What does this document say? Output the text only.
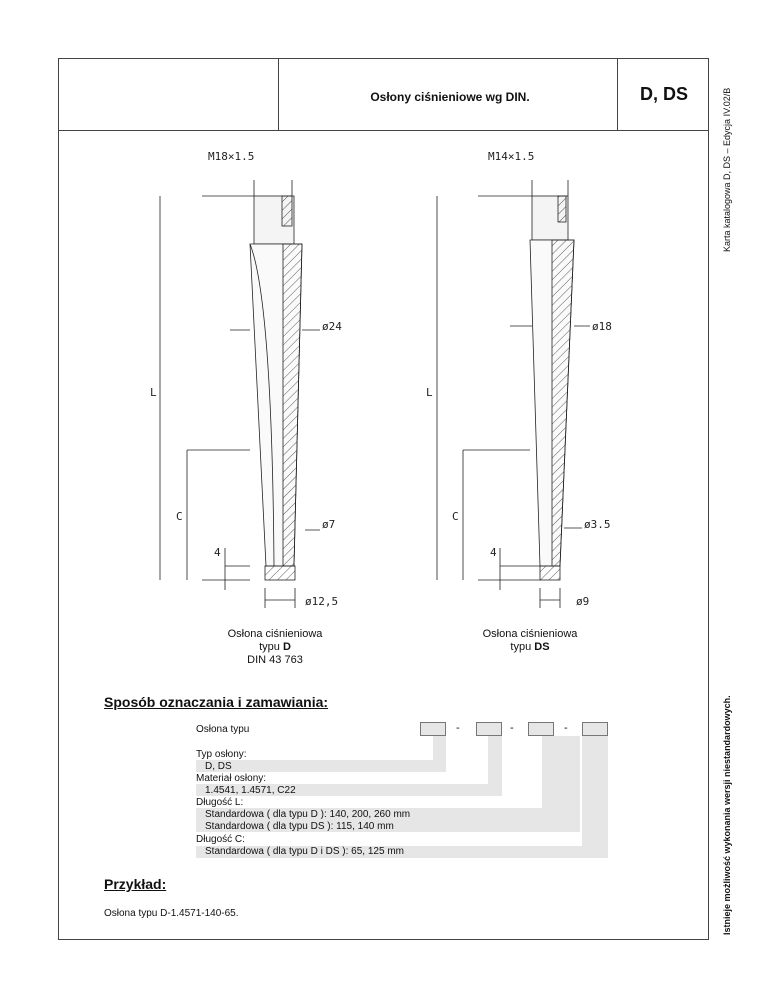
Osłony ciśnieniowe wg DIN.	D, DS	Karta katalogowa D, DS – Edycja IV.02/B
Istnieje możliwość wykonania wersji niestandardowych.
M18×1.5
ø24
ø7
ø12,5
L
C
4
M14×1.5
ø18
ø3.5
ø9
L
C
4
Osłona ciśnieniowa
typu D
DIN 43 763
Osłona ciśnieniowa
typu DS
Sposób oznaczania i zamawiania:
Osłona typu	-	-	-
Typ osłony:
D, DS
Materiał osłony:
1.4541, 1.4571, C22
Długość L:
Standardowa ( dla typu D ): 140, 200, 260 mm
Standardowa ( dla typu DS ): 115, 140 mm
Długość C:
Standardowa ( dla typu D i DS ): 65, 125 mm
Przykład:
Osłona typu D-1.4571-140-65.
